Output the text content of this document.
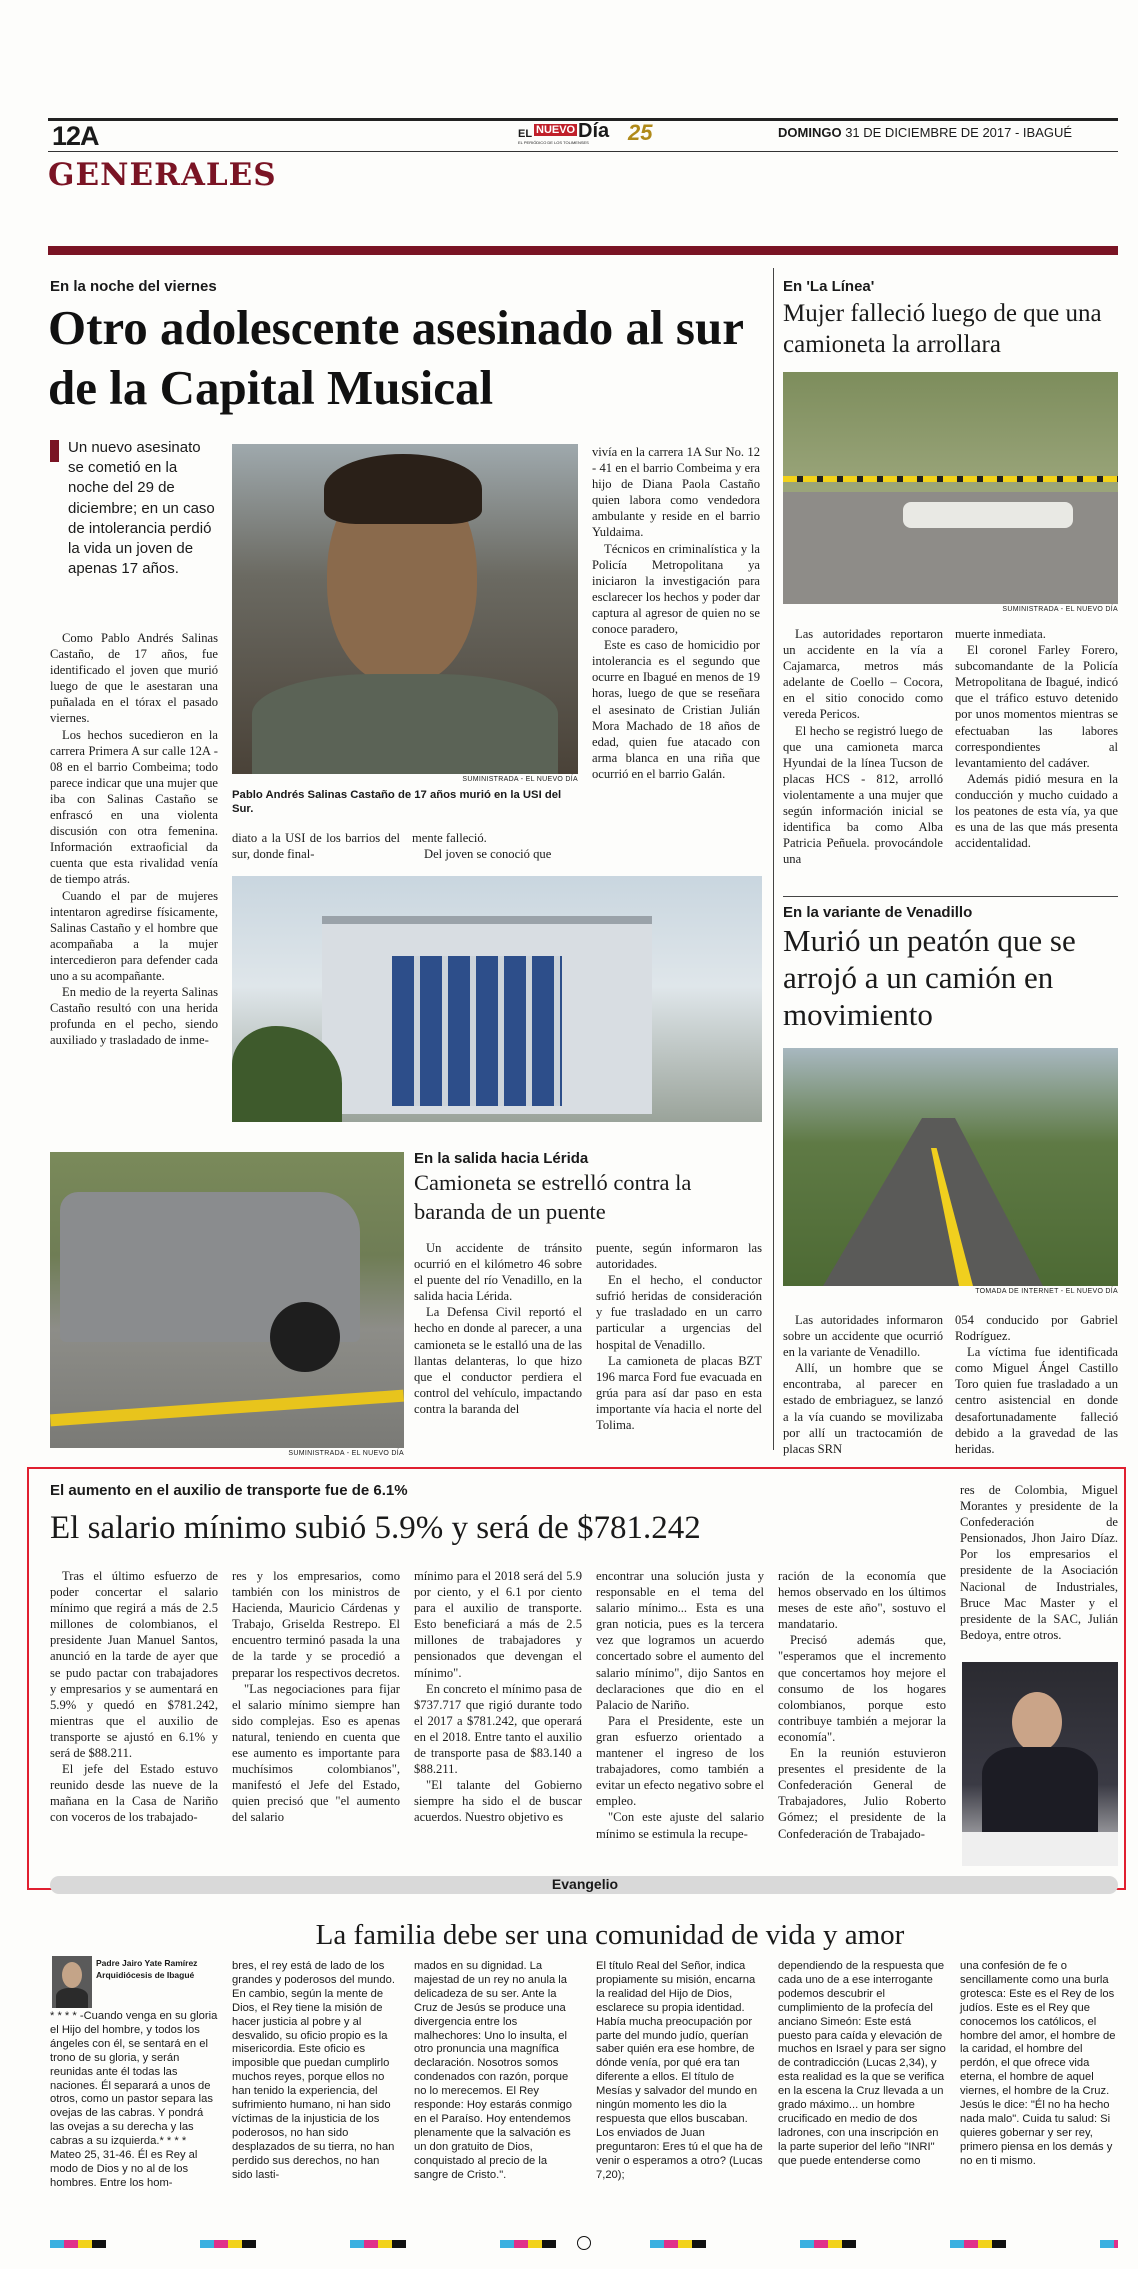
12A	EL NUEVO Día
EL PERIÓDICO DE LOS TOLIMENSES 25	DOMINGO 31 DE DICIEMBRE DE 2017 - IBAGUÉ
GENERALES
En la noche del viernes
Otro adolescente asesinado al sur de la Capital Musical
Un nuevo asesinato se cometió en la noche del 29 de diciembre; en un caso de intolerancia perdió la vida un joven de apenas 17 años.

Como Pablo Andrés Salinas Castaño, de 17 años, fue identificado el joven que murió luego de que le asestaran una puñalada en el tórax el pasado viernes.

Los hechos sucedieron en la carrera Primera A sur calle 12A - 08 en el barrio Combeima; todo parece indicar que una mujer que iba con Salinas Castaño se enfrascó en una violenta discusión con otra femenina. Información extraoficial da cuenta que esta rivalidad venía de tiempo atrás.

Cuando el par de mujeres intentaron agredirse físicamente, Salinas Castaño y el hombre que acompañaba a la mujer intercedieron para defender cada uno a su acompañante.

En medio de la reyerta Salinas Castaño resultó con una herida profunda en el pecho, siendo auxiliado y trasladado de inme-

SUMINISTRADA - EL NUEVO DÍA
Pablo Andrés Salinas Castaño de 17 años murió en la USI del Sur.
diato a la USI de los barrios del sur, donde final-

mente falleció.

Del joven se conoció que

vivía en la carrera 1A Sur No. 12 - 41 en el barrio Combeima y era hijo de Diana Paola Castaño quien labora como vendedora ambulante y reside en el barrio Yuldaima.

Técnicos en criminalística y la Policía Metropolitana ya iniciaron la investigación para esclarecer los hechos y poder dar captura al agresor de quien no se conoce paradero,

Este es caso de homicidio por intolerancia es el segundo que ocurre en Ibagué en menos de 19 horas, luego de que se reseñara el asesinato de Cristian Julián Mora Machado de 18 años de edad, quien fue atacado con arma blanca en una riña que ocurrió en el barrio Galán.

En 'La Línea'
Mujer falleció luego de que una camioneta la arrollara
SUMINISTRADA - EL NUEVO DÍA

Las autoridades reportaron un accidente en la vía a Cajamarca, metros más adelante de Coello – Cocora, en el sitio conocido como vereda Pericos.

El hecho se registró luego de que una camioneta marca Hyundai de la línea Tucson de placas HCS - 812, arrolló violentamente a una mujer que según información inicial se identifica ba como Alba Patricia Peñuela. provocándole una

muerte inmediata.

El coronel Farley Forero, subcomandante de la Policía Metropolitana de Ibagué, indicó que el tráfico estuvo detenido por unos momentos mientras se efectuaban las labores correspondientes al levantamiento del cadáver.

Además pidió mesura en la conducción y mucho cuidado a los peatones de esta vía, ya que es una de las que más presenta accidentalidad.

En la variante de Venadillo
Murió un peatón que se arrojó a un camión en movimiento
TOMADA DE INTERNET - EL NUEVO DÍA

Las autoridades informaron sobre un accidente que ocurrió en la variante de Venadillo.

Allí, un hombre que se encontraba, al parecer en estado de embriaguez, se lanzó a la vía cuando se movilizaba por allí un tractocamión de placas SRN

054 conducido por Gabriel Rodríguez.

La víctima fue identificada como Miguel Ángel Castillo Toro quien fue trasladado a un centro asistencial en donde desafortunadamente falleció debido a la gravedad de las heridas.

SUMINISTRADA - EL NUEVO DÍA
En la salida hacia Lérida
Camioneta se estrelló contra la baranda de un puente

Un accidente de tránsito ocurrió en el kilómetro 46 sobre el puente del río Venadillo, en la salida hacia Lérida.

La Defensa Civil reportó el hecho en donde al parecer, a una camioneta se le estalló una de las llantas delanteras, lo que hizo que el conductor perdiera el control del vehículo, impactando contra la baranda del

puente, según informaron las autoridades.

En el hecho, el conductor sufrió heridas de consideración y fue trasladado en un carro particular a urgencias del hospital de Venadillo.

La camioneta de placas BZT 196 marca Ford fue evacuada en grúa para así dar paso en esta importante vía hacia el norte del Tolima.

El aumento en el auxilio de transporte fue de 6.1%
El salario mínimo subió 5.9% y será de $781.242
res de Colombia, Miguel Morantes y presidente de la Confederación de Pensionados, Jhon Jairo Díaz. Por los empresarios el presidente de la Asociación Nacional de Industriales, Bruce Mac Master y el presidente de la SAC, Julián Bedoya, entre otros.

Tras el último esfuerzo de poder concertar el salario mínimo que regirá a más de 2.5 millones de colombianos, el presidente Juan Manuel Santos, anunció en la tarde de ayer que se pudo pactar con trabajadores y empresarios y se aumentará en 5.9% y quedó en $781.242, mientras que el auxilio de transporte se ajustó en 6.1% y será de $88.211.

El jefe del Estado estuvo reunido desde las nueve de la mañana en la Casa de Nariño con voceros de los trabajado-

res y los empresarios, como también con los ministros de Hacienda, Mauricio Cárdenas y Trabajo, Griselda Restrepo. El encuentro terminó pasada la una de la tarde y se procedió a preparar los respectivos decretos.

"Las negociaciones para fijar el salario mínimo siempre han sido complejas. Eso es apenas natural, teniendo en cuenta que ese aumento es importante para muchísimos colombianos", manifestó el Jefe del Estado, quien precisó que "el aumento del salario

mínimo para el 2018 será del 5.9 por ciento, y el 6.1 por ciento para el auxilio de transporte. Esto beneficiará a más de 2.5 millones de trabajadores y pensionados que devengan el mínimo".

En concreto el mínimo pasa de $737.717 que rigió durante todo el 2017 a $781.242, que operará en el 2018. Entre tanto el auxilio de transporte pasa de $83.140 a $88.211.

"El talante del Gobierno siempre ha sido el de buscar acuerdos. Nuestro objetivo es

encontrar una solución justa y responsable en el tema del salario mínimo... Esta es una gran noticia, pues es la tercera vez que logramos un acuerdo concertado sobre el aumento del salario mínimo", dijo Santos en declaraciones que dio en el Palacio de Nariño.

Para el Presidente, este un gran esfuerzo orientado a mantener el ingreso de los trabajadores, como también a evitar un efecto negativo sobre el empleo.

"Con este ajuste del salario mínimo se estimula la recupe-

ración de la economía que hemos observado en los últimos meses de este año", sostuvo el mandatario.

Precisó además que, "esperamos que el incremento que concertamos hoy mejore el consumo de los hogares colombianos, porque esto contribuye también a mejorar la economía".

En la reunión estuvieron presentes el presidente de la Confederación General de Trabajadores, Julio Roberto Gómez; el presidente de la Confederación de Trabajado-

Evangelio
La familia debe ser una comunidad de vida y amor
Padre Jairo Yate Ramírez
Arquidiócesis de Ibagué
* * * * -Cuando venga en su gloria el Hijo del hombre, y todos los ángeles con él, se sentará en el trono de su gloria, y serán reunidas ante él todas las naciones. Él separará a unos de otros, como un pastor separa las ovejas de las cabras. Y pondrá las ovejas a su derecha y las cabras a su izquierda.* * * * Mateo 25, 31-46. Él es Rey al modo de Dios y no al de los hombres. Entre los hom-
bres, el rey está de lado de los grandes y poderosos del mundo. En cambio, según la mente de Dios, el Rey tiene la misión de hacer justicia al pobre y al desvalido, su oficio propio es la misericordia. Este oficio es imposible que puedan cumplirlo muchos reyes, porque ellos no han tenido la experiencia, del sufrimiento humano, ni han sido víctimas de la injusticia de los poderosos, no han sido desplazados de su tierra, no han perdido sus derechos, no han sido lasti-
mados en su dignidad. La majestad de un rey no anula la delicadeza de su ser. Ante la Cruz de Jesús se produce una divergencia entre los malhechores: Uno lo insulta, el otro pronuncia una magnífica declaración. Nosotros somos condenados con razón, porque no lo merecemos. El Rey responde: Hoy estarás conmigo en el Paraíso. Hoy entendemos plenamente que la salvación es un don gratuito de Dios, conquistado al precio de la sangre de Cristo.".
El título Real del Señor, indica propiamente su misión, encarna la realidad del Hijo de Dios, esclarece su propia identidad. Había mucha preocupación por parte del mundo judío, querían saber quién era ese hombre, de dónde venía, por qué era tan diferente a ellos. El título de Mesías y salvador del mundo en ningún momento les dio la respuesta que ellos buscaban. Los enviados de Juan preguntaron: Eres tú el que ha de venir o esperamos a otro? (Lucas 7,20);
dependiendo de la respuesta que cada uno de a ese interrogante podemos descubrir el cumplimiento de la profecía del anciano Simeón: Este está puesto para caída y elevación de muchos en Israel y para ser signo de contradicción (Lucas 2,34), y esta realidad es la que se verifica en la escena la Cruz llevada a un grado máximo... un hombre crucificado en medio de dos ladrones, con una inscripción en la parte superior del leño "INRI" que puede entenderse como
una confesión de fe o sencillamente como una burla grotesca: Este es el Rey de los judíos. Este es el Rey que conocemos los católicos, el hombre del amor, el hombre de la caridad, el hombre del perdón, el que ofrece vida eterna, el hombre de aquel viernes, el hombre de la Cruz. Jesús le dice: "Él no ha hecho nada malo". Cuida tu salud: Si quieres gobernar y ser rey, primero piensa en los demás y no en ti mismo.
